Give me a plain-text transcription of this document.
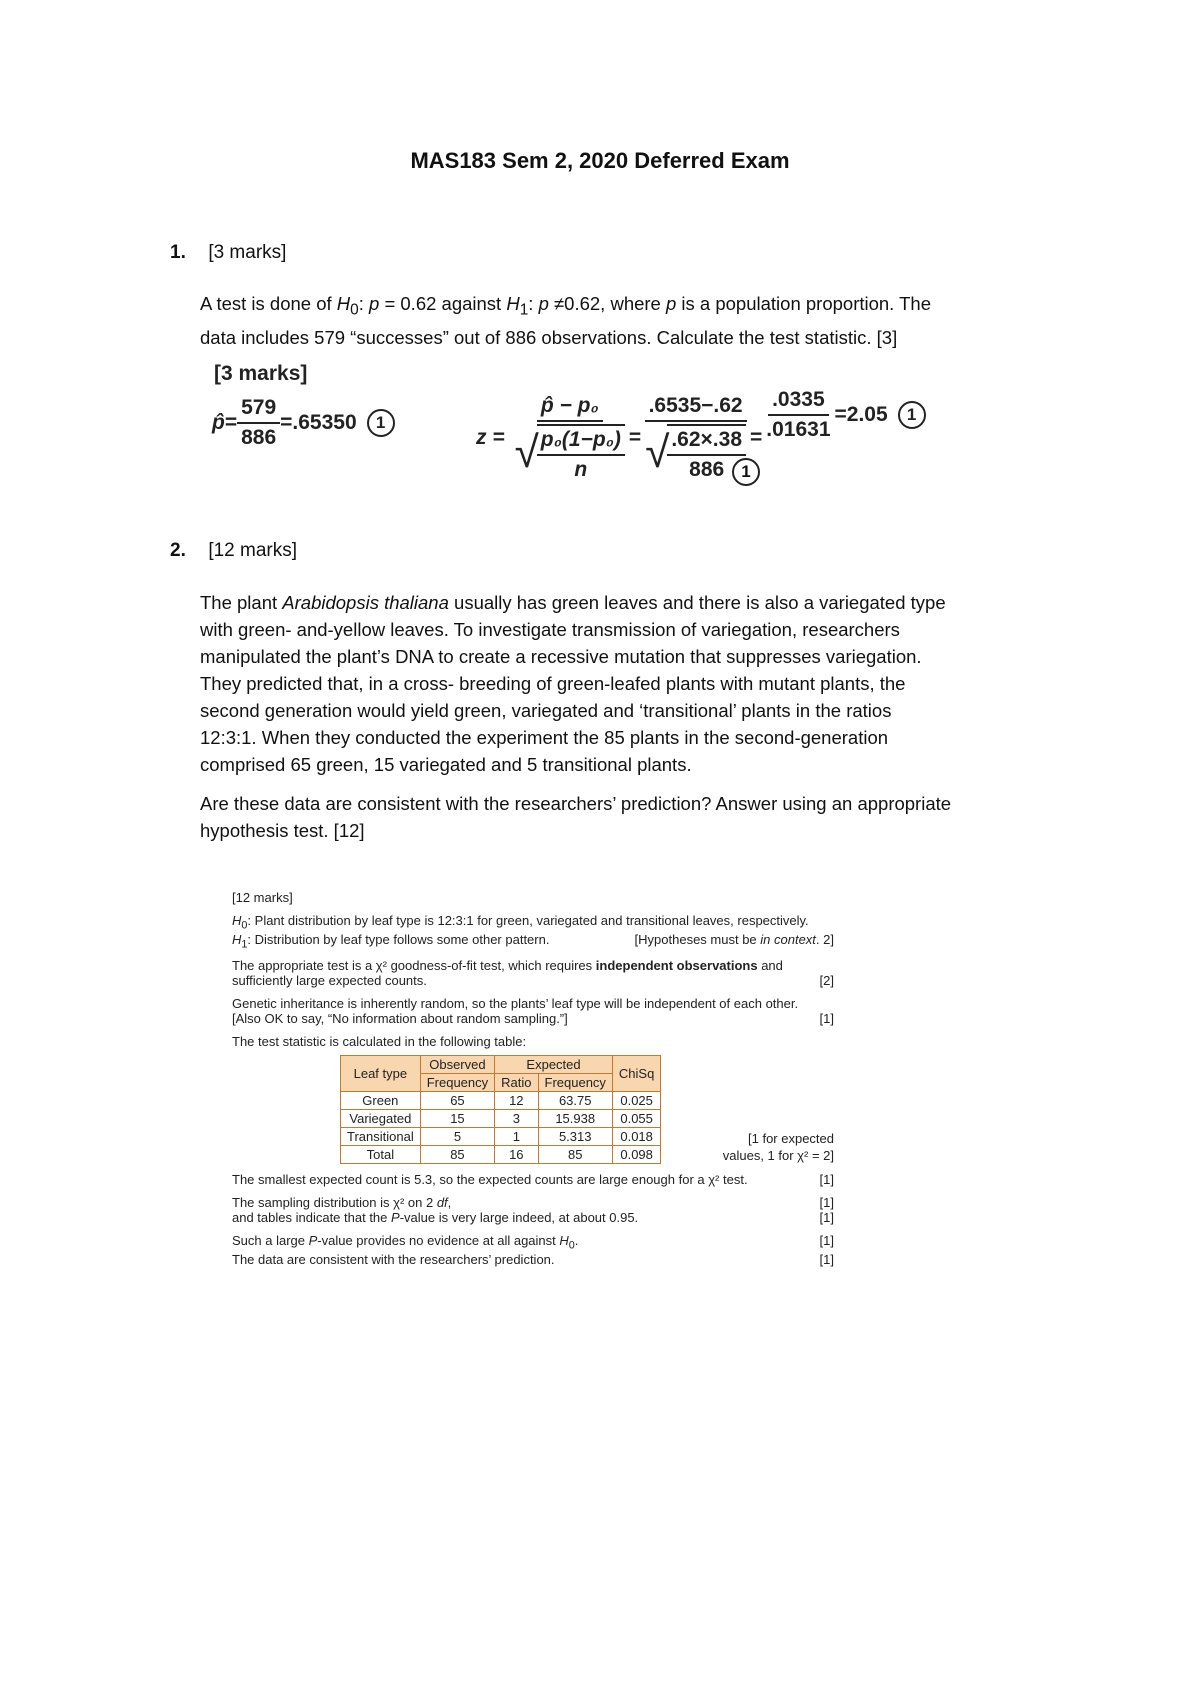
MAS183 Sem 2, 2020 Deferred Exam
1. [3 marks]
A test is done of $H_0$: p = 0.62 against $H_1$: p ≠0.62, where p is a population proportion. The
data includes 579 “successes” out of 886 observations. Calculate the test statistic. [3]
[3 marks]
p̂ = $\frac{579}{886} =.65350$	1
z = p̂ − p₀
√
$\frac{\text{p₀(1−p₀)}}{n} = .6535-.62$
√
$\frac{.62\times.38}{886} = \frac{.0335}{.01631} =2.05$	1
1
2. [12 marks]
The plant Arabidopsis thaliana usually has green leaves and there is also a variegated type
with green- and-yellow leaves. To investigate transmission of variegation, researchers
manipulated the plant’s DNA to create a recessive mutation that suppresses variegation.
They predicted that, in a cross- breeding of green-leafed plants with mutant plants, the
second generation would yield green, variegated and ‘transitional’ plants in the ratios
12:3:1. When they conducted the experiment the 85 plants in the second-generation
comprised 65 green, 15 variegated and 5 transitional plants.
Are these data are consistent with the researchers’ prediction? Answer using an appropriate
hypothesis test. [12]
[12 marks]
$H_0$: Plant distribution by leaf type is 12:3:1 for green, variegated and transitional leaves, respectively.
$H_1$: Distribution by leaf type follows some other pattern.	[Hypotheses must be in context. 2]
The appropriate test is a χ² goodness-of-fit test, which requires independent observations and
sufficiently large expected counts.	[2]
Genetic inheritance is inherently random, so the plants’ leaf type will be independent of each other.
[Also OK to say, “No information about random sampling.”]	[1]
The test statistic is calculated in the following table:
Leaf type	Observed	Expected		ChiSq
	Frequency	Ratio	Frequency	
Green	65	12	63.75	0.025
Variegated	15	3	15.938	0.055
Transitional	5	1	5.313	0.018
Total	85	16	85	0.098
[1 for expected
values, 1 for χ² = 2]
The smallest expected count is 5.3, so the expected counts are large enough for a χ² test.	[1]
The sampling distribution is χ² on 2 df,	[1]
and tables indicate that the P-value is very large indeed, at about 0.95.	[1]
Such a large P-value provides no evidence at all against $H_0$.	[1]
The data are consistent with the researchers’ prediction.	[1]
